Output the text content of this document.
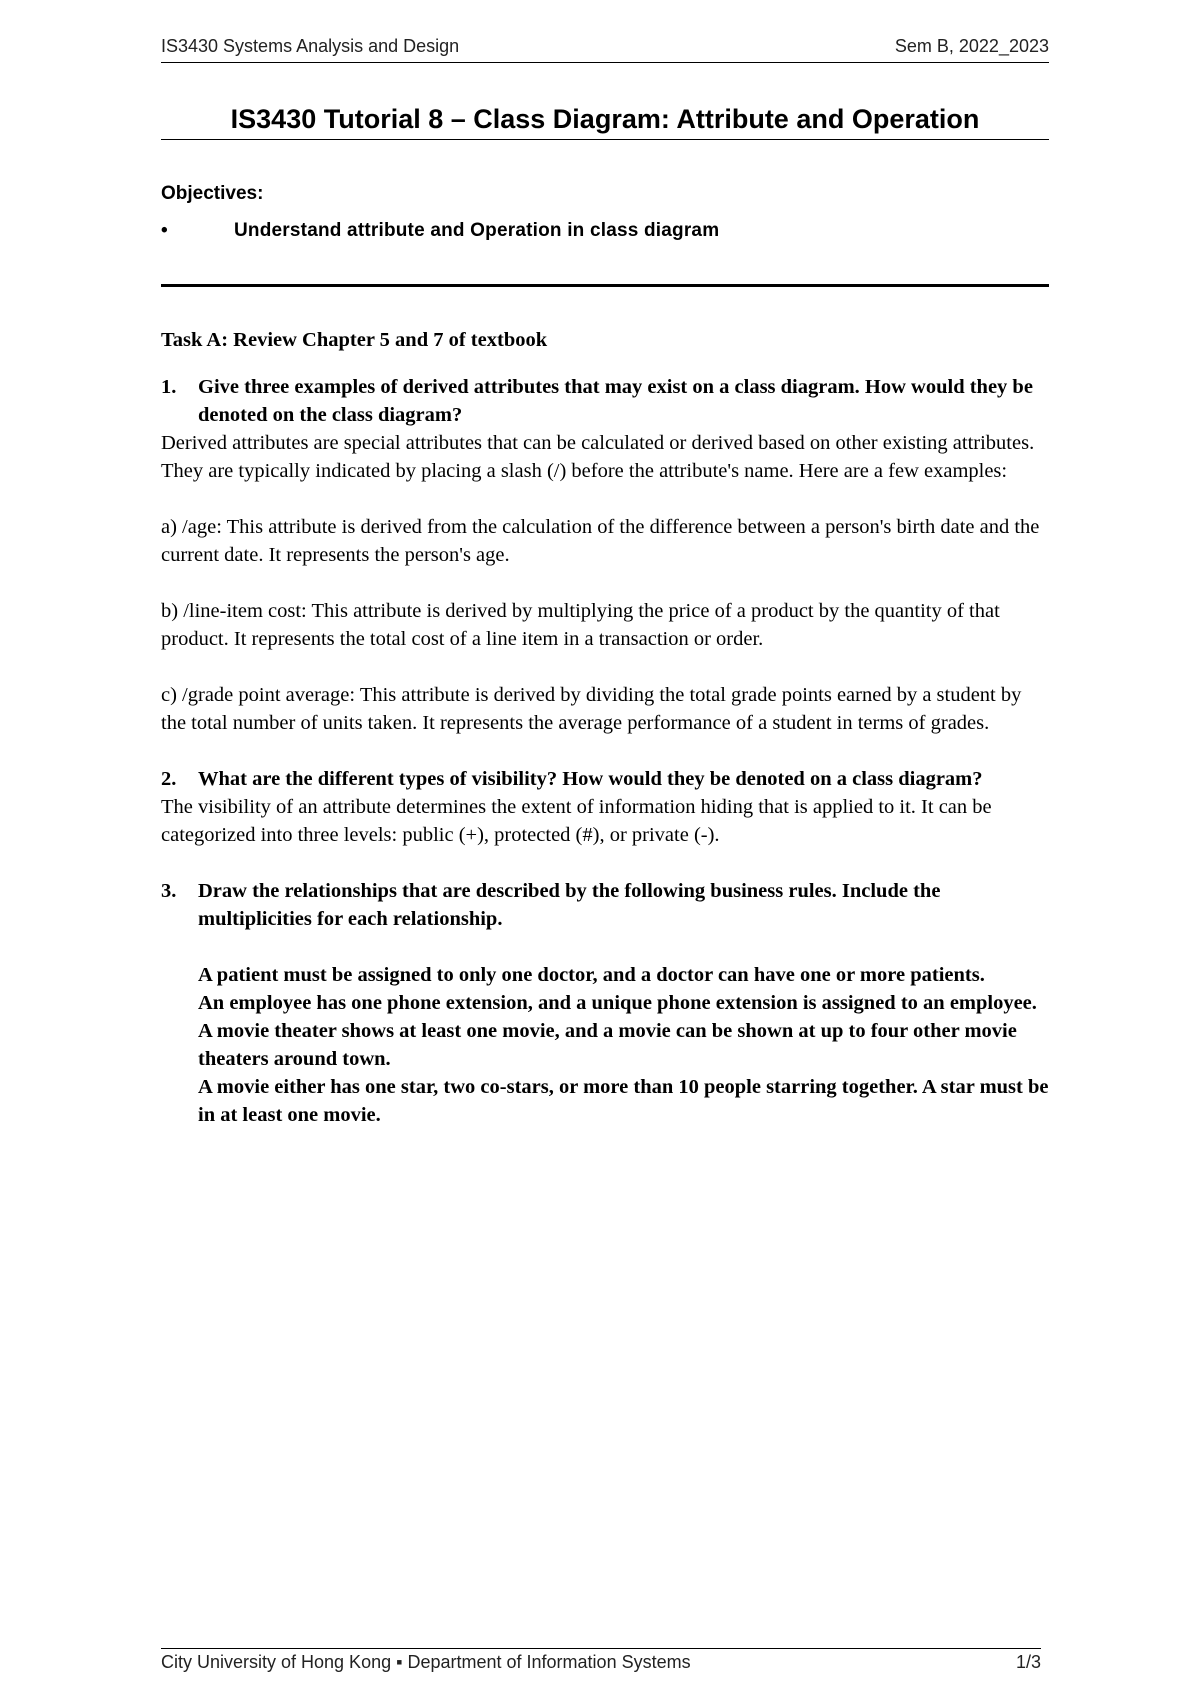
IS3430 Systems Analysis and Design	Sem B, 2022_2023
IS3430 Tutorial 8 – Class Diagram: Attribute and Operation
Objectives:
•	Understand attribute and Operation in class diagram

Task A: Review Chapter 5 and 7 of textbook

1. Give three examples of derived attributes that may exist on a class diagram. How would they be denoted on the class diagram?

Derived attributes are special attributes that can be calculated or derived based on other existing attributes. They are typically indicated by placing a slash (/) before the attribute's name. Here are a few examples:

a) /age: This attribute is derived from the calculation of the difference between a person's birth date and the current date. It represents the person's age.

b) /line-item cost: This attribute is derived by multiplying the price of a product by the quantity of that product. It represents the total cost of a line item in a transaction or order.

c) /grade point average: This attribute is derived by dividing the total grade points earned by a student by the total number of units taken. It represents the average performance of a student in terms of grades.

2. What are the different types of visibility? How would they be denoted on a class diagram?

The visibility of an attribute determines the extent of information hiding that is applied to it. It can be categorized into three levels: public (+), protected (#), or private (-).

3. Draw the relationships that are described by the following business rules. Include the multiplicities for each relationship.

A patient must be assigned to only one doctor, and a doctor can have one or more patients.

An employee has one phone extension, and a unique phone extension is assigned to an employee.

A movie theater shows at least one movie, and a movie can be shown at up to four other movie theaters around town.

A movie either has one star, two co-stars, or more than 10 people starring together. A star must be in at least one movie.

City University of Hong Kong ▪ Department of Information Systems	1/3
